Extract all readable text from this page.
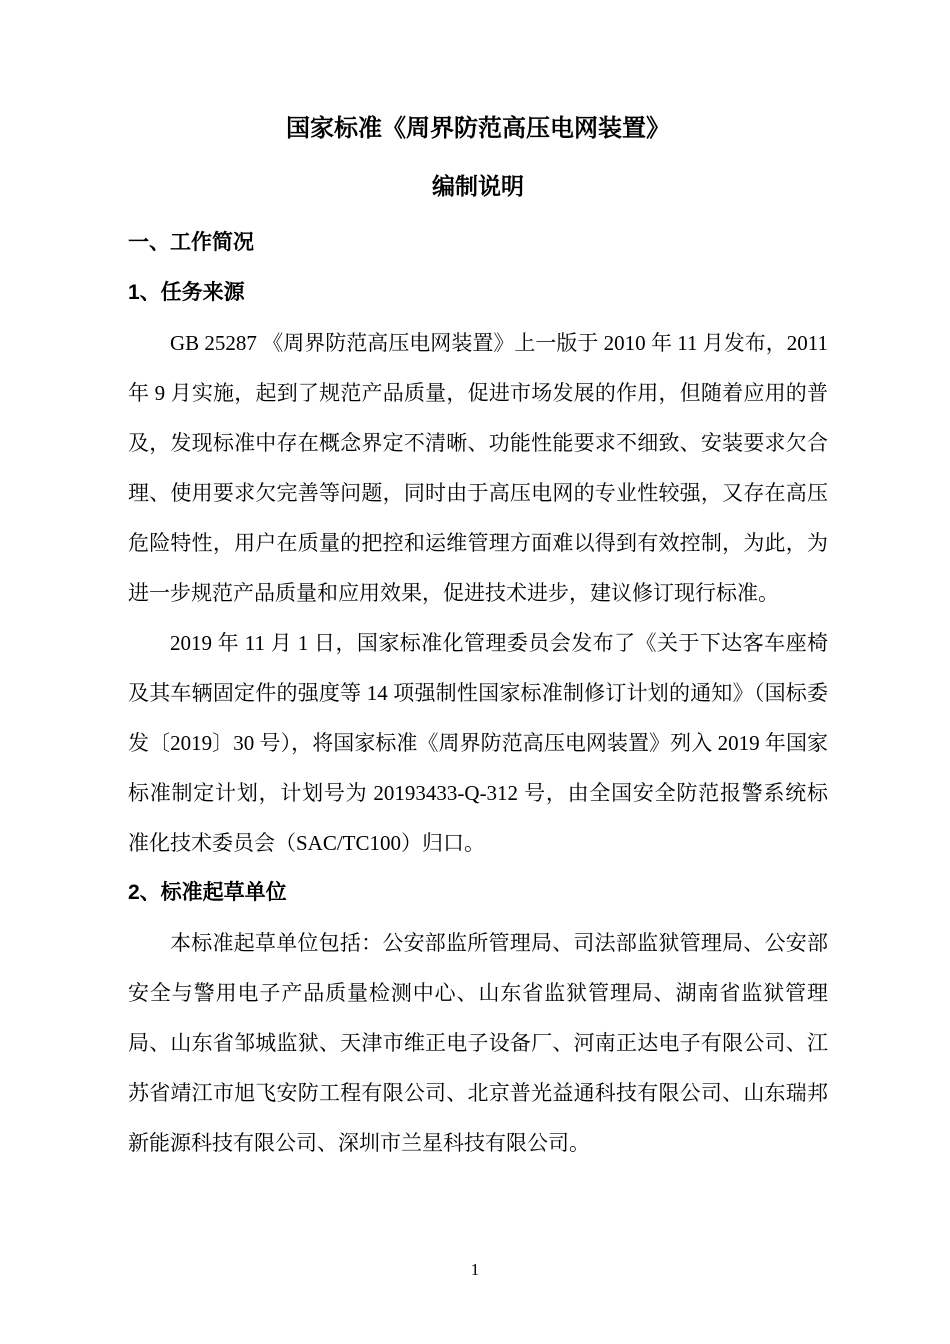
国家标准《周界防范高压电网装置》
编制说明
一、工作简况
1、任务来源

GB 25287 《周界防范高压电网装置》上一版于 2010 年 11 月发布，2011 年 9 月实施，起到了规范产品质量，促进市场发展的作用，但随着应用的普及，发现标准中存在概念界定不清晰、功能性能要求不细致、安装要求欠合理、使用要求欠完善等问题，同时由于高压电网的专业性较强，又存在高压危险特性，用户在质量的把控和运维管理方面难以得到有效控制，为此，为进一步规范产品质量和应用效果，促进技术进步，建议修订现行标准。

2019 年 11 月 1 日，国家标准化管理委员会发布了《关于下达客车座椅及其车辆固定件的强度等 14 项强制性国家标准制修订计划的通知》（国标委发〔2019〕30 号），将国家标准《周界防范高压电网装置》列入 2019 年国家标准制定计划，计划号为 20193433-Q-312 号，由全国安全防范报警系统标准化技术委员会（SAC/TC100）归口。

2、标准起草单位

本标准起草单位包括：公安部监所管理局、司法部监狱管理局、公安部安全与警用电子产品质量检测中心、山东省监狱管理局、湖南省监狱管理局、山东省邹城监狱、天津市维正电子设备厂、河南正达电子有限公司、江苏省靖江市旭飞安防工程有限公司、北京普光益通科技有限公司、山东瑞邦新能源科技有限公司、深圳市兰星科技有限公司。

1
